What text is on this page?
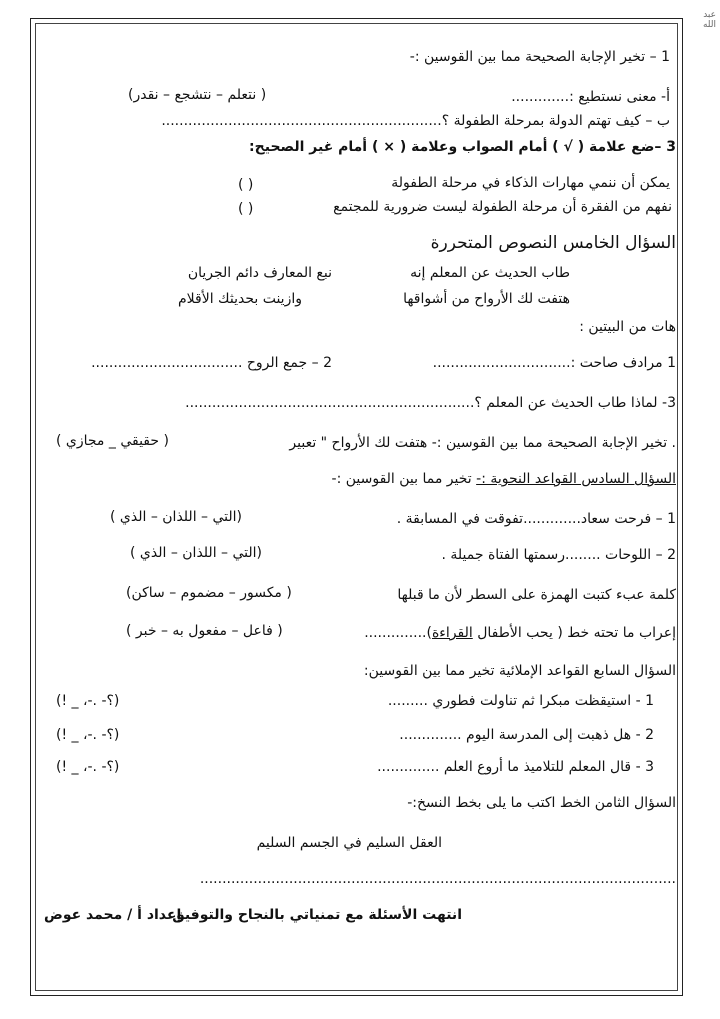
عبد الله
1 – تخير الإجابة الصحيحة مما بين القوسين :-
أ- معنى نستطيع :.............
( نتعلم – نتشجع – نقدر)
ب – كيف تهتم الدولة بمرحلة الطفولة ؟...............................................................
3 –ضع علامة ( √ ) أمام الصواب وعلامة ( × ) أمام غير الصحيح:
يمكن أن ننمي مهارات الذكاء في مرحلة الطفولة
( )
نفهم من الفقرة أن مرحلة الطفولة ليست ضرورية للمجتمع
( )
السؤال الخامس النصوص المتحررة
طاب الحديث عن المعلم إنه
نبع المعارف دائم الجريان
هتفت لك الأرواح من أشواقها
وازينت بحديثك الأقلام
هات من البيتين :
1 مرادف صاحت :...............................
2 – جمع الروح ..................................
3- لماذا طاب الحديث عن المعلم ؟.................................................................
. تخير الإجابة الصحيحة مما بين القوسين :- هتفت لك الأرواح " تعبير
( حقيقي _ مجازي )
السؤال السادس القواعد النحوية :- تخير مما بين القوسين :-
1 – فرحت سعاد.............تفوقت في المسابقة .
(التي – اللذان – الذي )
2 – اللوحات ........رسمتها الفتاة جميلة .
(التي – اللذان – الذي )
كلمة عبء كتبت الهمزة على السطر لأن ما قبلها
( مكسور – مضموم – ساكن)
إعراب ما تحته خط ( يحب الأطفال القراءة)..............
( فاعل – مفعول به – خبر )
السؤال السابع القواعد الإملائية تخير مما بين القوسين:
1 - استيقظت مبكرا ثم تناولت فطوري .........
(؟- .-، _ !)
2 - هل ذهبت إلى المدرسة اليوم ..............
(؟- .-، _ !)
3 - قال المعلم للتلاميذ ما أروع العلم ..............
(؟- .-، _ !)
السؤال الثامن الخط اكتب ما يلى بخط النسخ:-
العقل السليم في الجسم السليم
...........................................................................................................
انتهت الأسئلة مع تمنياتي بالنجاح والتوفيق
إعداد أ / محمد عوض
